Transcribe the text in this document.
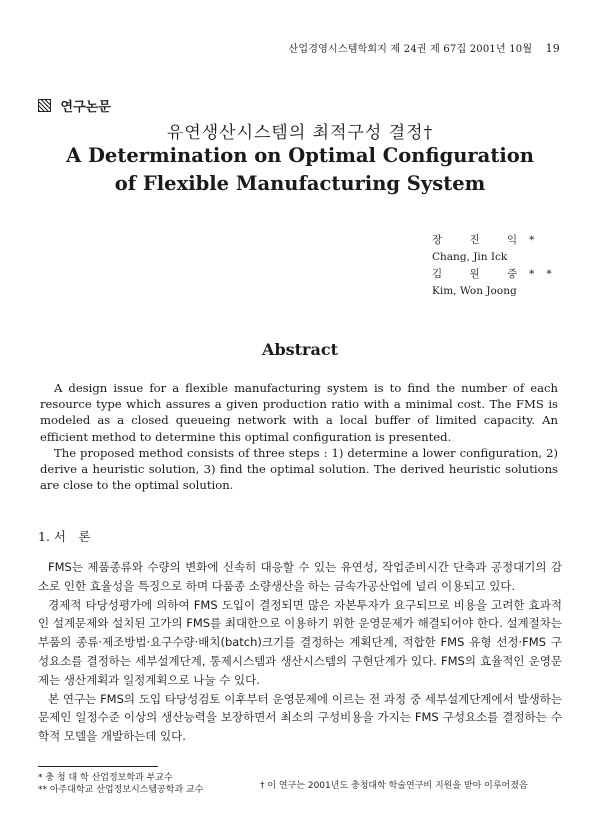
산업경영시스템학회지 제 24권 제 67집 2001년 10월 19
연구논문
유연생산시스템의 최적구성 결정†
A Determination on Optimal Configuration
of Flexible Manufacturing System
장 진 익*
Chang, Jin Ick
김 원 중**
Kim, Won Joong
Abstract

A design issue for a flexible manufacturing system is to find the number of each resource type which assures a given production ratio with a minimal cost. The FMS is modeled as a closed queueing network with a local buffer of limited capacity. An efficient method to determine this optimal configuration is presented.

The proposed method consists of three steps : 1) determine a lower configuration, 2) derive a heuristic solution, 3) find the optimal solution. The derived heuristic solutions are close to the optimal solution.

1. 서　론

FMS는 제품종류와 수량의 변화에 신속히 대응할 수 있는 유연성, 작업준비시간 단축과 공정대기의 감소로 인한 효율성을 특징으로 하며 다품종 소량생산을 하는 금속가공산업에 널리 이용되고 있다.

경제적 타당성평가에 의하여 FMS 도입이 결정되면 많은 자본투자가 요구되므로 비용을 고려한 효과적인 설계문제와 설치된 고가의 FMS를 최대한으로 이용하기 위한 운영문제가 해결되어야 한다. 설계절차는 부품의 종류·제조방법·요구수량·배치(batch)크기를 결정하는 계획단계, 적합한 FMS 유형 선정·FMS 구성요소를 결정하는 세부설계단계, 통제시스템과 생산시스템의 구현단계가 있다. FMS의 효율적인 운영문제는 생산계획과 일정계획으로 나눌 수 있다.

본 연구는 FMS의 도입 타당성검토 이후부터 운영문제에 이르는 전 과정 중 세부설계단계에서 발생하는 문제인 일정수준 이상의 생산능력을 보장하면서 최소의 구성비용을 가지는 FMS 구성요소를 결정하는 수학적 모델을 개발하는데 있다.

* 충 청 대 학 산업정보학과 부교수
** 아주대학교 산업정보시스템공학과 교수	† 이 연구는 2001년도 충청대학 학술연구비 지원을 받아 이루어졌음
